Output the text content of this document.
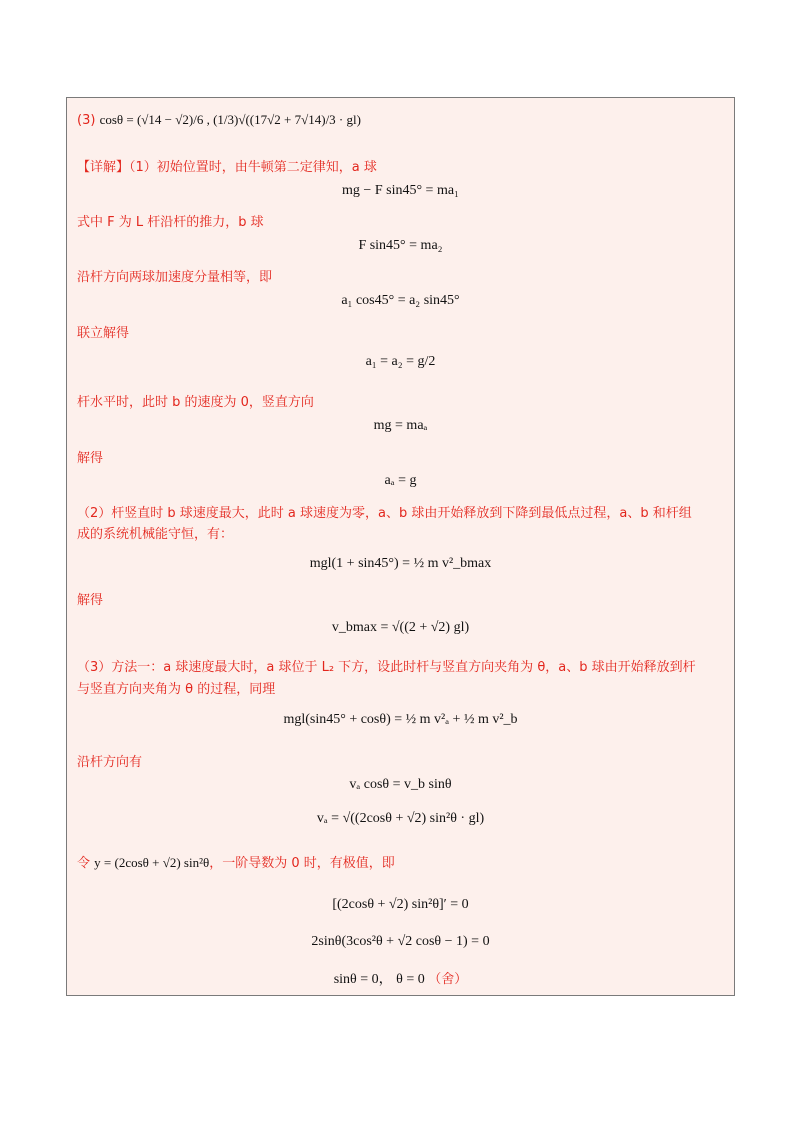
(3) cosθ = (√14 − √2)/6 , (1/3)√((17√2 + 7√14)/3 · gl)
【详解】（1）初始位置时，由牛顿第二定律知，a 球
mg − F sin45° = ma₁
式中 F 为 L 杆沿杆的推力，b 球
F sin45° = ma₂
沿杆方向两球加速度分量相等，即
a₁ cos45° = a₂ sin45°
联立解得
a₁ = a₂ = g/2
杆水平时，此时 b 的速度为 0，竖直方向
mg = maₐ
解得
aₐ = g
（2）杆竖直时 b 球速度最大，此时 a 球速度为零，a、b 球由开始释放到下降到最低点过程，a、b 和杆组
成的系统机械能守恒，有：
mgl(1 + sin45°) = ½ m v²_bmax
解得
v_bmax = √((2 + √2) gl)
（3）方法一：a 球速度最大时，a 球位于 L₂ 下方，设此时杆与竖直方向夹角为 θ，a、b 球由开始释放到杆
与竖直方向夹角为 θ 的过程，同理
mgl(sin45° + cosθ) = ½ m v²ₐ + ½ m v²_b
沿杆方向有
vₐ cosθ = v_b sinθ
vₐ = √((2cosθ + √2) sin²θ · gl)
令 y = (2cosθ + √2) sin²θ，一阶导数为 0 时，有极值，即
[(2cosθ + √2) sin²θ]′ = 0
2sinθ(3cos²θ + √2 cosθ − 1) = 0
sinθ = 0， θ = 0 （舍）
